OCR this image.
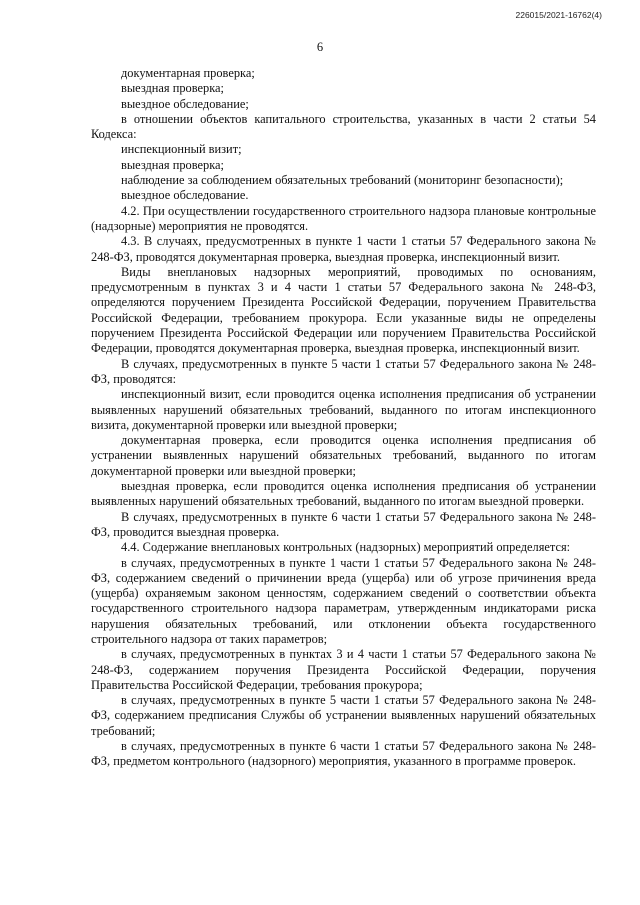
226015/2021-16762(4)
6

документарная проверка;

выездная проверка;

выездное обследование;

в отношении объектов капитального строительства, указанных в части 2 статьи 54 Кодекса:

инспекционный визит;

выездная проверка;

наблюдение за соблюдением обязательных требований (мониторинг безопасности);

выездное обследование.

4.2. При осуществлении государственного строительного надзора плановые контрольные (надзорные) мероприятия не проводятся.

4.3. В случаях, предусмотренных в пункте 1 части 1 статьи 57 Федерального закона № 248-ФЗ, проводятся документарная проверка, выездная проверка, инспекционный визит.

Виды внеплановых надзорных мероприятий, проводимых по основаниям, предусмотренным в пунктах 3 и 4 части 1 статьи 57 Федерального закона № 248-ФЗ, определяются поручением Президента Российской Федерации, поручением Правительства Российской Федерации, требованием прокурора. Если указанные виды не определены поручением Президента Российской Федерации или поручением Правительства Российской Федерации, проводятся документарная проверка, выездная проверка, инспекционный визит.

В случаях, предусмотренных в пункте 5 части 1 статьи 57 Федерального закона № 248-ФЗ, проводятся:

инспекционный визит, если проводится оценка исполнения предписания об устранении выявленных нарушений обязательных требований, выданного по итогам инспекционного визита, документарной проверки или выездной проверки;

документарная проверка, если проводится оценка исполнения предписания об устранении выявленных нарушений обязательных требований, выданного по итогам документарной проверки или выездной проверки;

выездная проверка, если проводится оценка исполнения предписания об устранении выявленных нарушений обязательных требований, выданного по итогам выездной проверки.

В случаях, предусмотренных в пункте 6 части 1 статьи 57 Федерального закона № 248-ФЗ, проводится выездная проверка.

4.4. Содержание внеплановых контрольных (надзорных) мероприятий определяется:

в случаях, предусмотренных в пункте 1 части 1 статьи 57 Федерального закона № 248-ФЗ, содержанием сведений о причинении вреда (ущерба) или об угрозе причинения вреда (ущерба) охраняемым законом ценностям, содержанием сведений о соответствии объекта государственного строительного надзора параметрам, утвержденным индикаторами риска нарушения обязательных требований, или отклонении объекта государственного строительного надзора от таких параметров;

в случаях, предусмотренных в пунктах 3 и 4 части 1 статьи 57 Федерального закона № 248-ФЗ, содержанием поручения Президента Российской Федерации, поручения Правительства Российской Федерации, требования прокурора;

в случаях, предусмотренных в пункте 5 части 1 статьи 57 Федерального закона № 248-ФЗ, содержанием предписания Службы об устранении выявленных нарушений обязательных требований;

в случаях, предусмотренных в пункте 6 части 1 статьи 57 Федерального закона № 248-ФЗ, предметом контрольного (надзорного) мероприятия, указанного в программе проверок.
